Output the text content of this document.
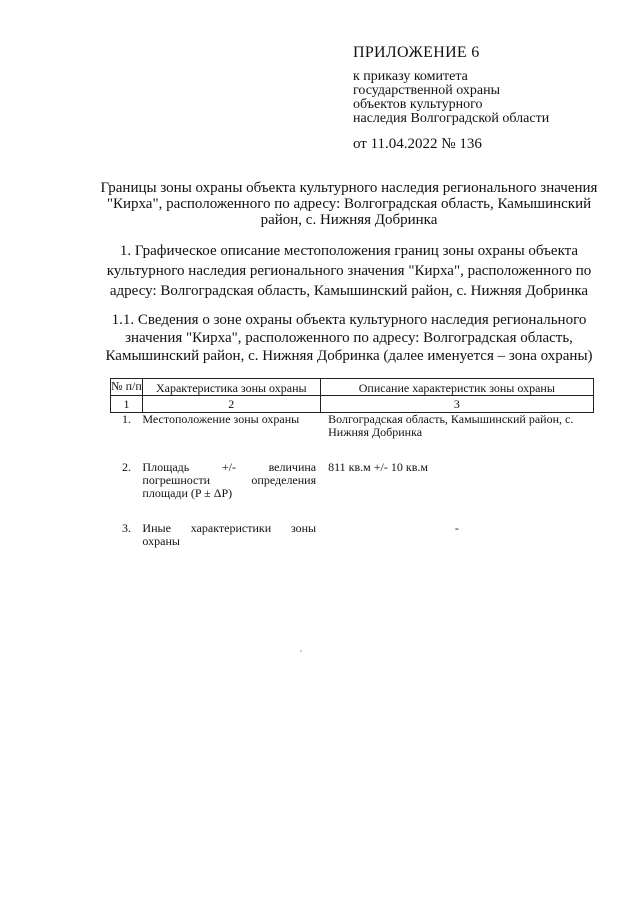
ПРИЛОЖЕНИЕ 6
к приказу комитета
государственной охраны
объектов культурного
наследия Волгоградской области
от 11.04.2022 № 136
Границы зоны охраны объекта культурного наследия регионального значения "Кирха", расположенного по адресу: Волгоградская область, Камышинский район, с. Нижняя Добринка
1. Графическое описание местоположения границ зоны охраны объекта культурного наследия регионального значения "Кирха", расположенного по адресу: Волгоградская область, Камышинский район, с. Нижняя Добринка
1.1. Сведения о зоне охраны объекта культурного наследия регионального значения "Кирха", расположенного по адресу: Волгоградская область, Камышинский район, с. Нижняя Добринка (далее именуется – зона охраны)
№ п/п	Характеристика зоны охраны	Описание характеристик зоны охраны
1	2	3
1.	Местоположение зоны охраны	Волгоградская область, Камышинский район, с. Нижняя Добринка
2.	Площадь +/- величина погрешности определения площади (P ± ΔP)	811 кв.м +/- 10 кв.м
3.	Иные характеристики зоны охраны	-
